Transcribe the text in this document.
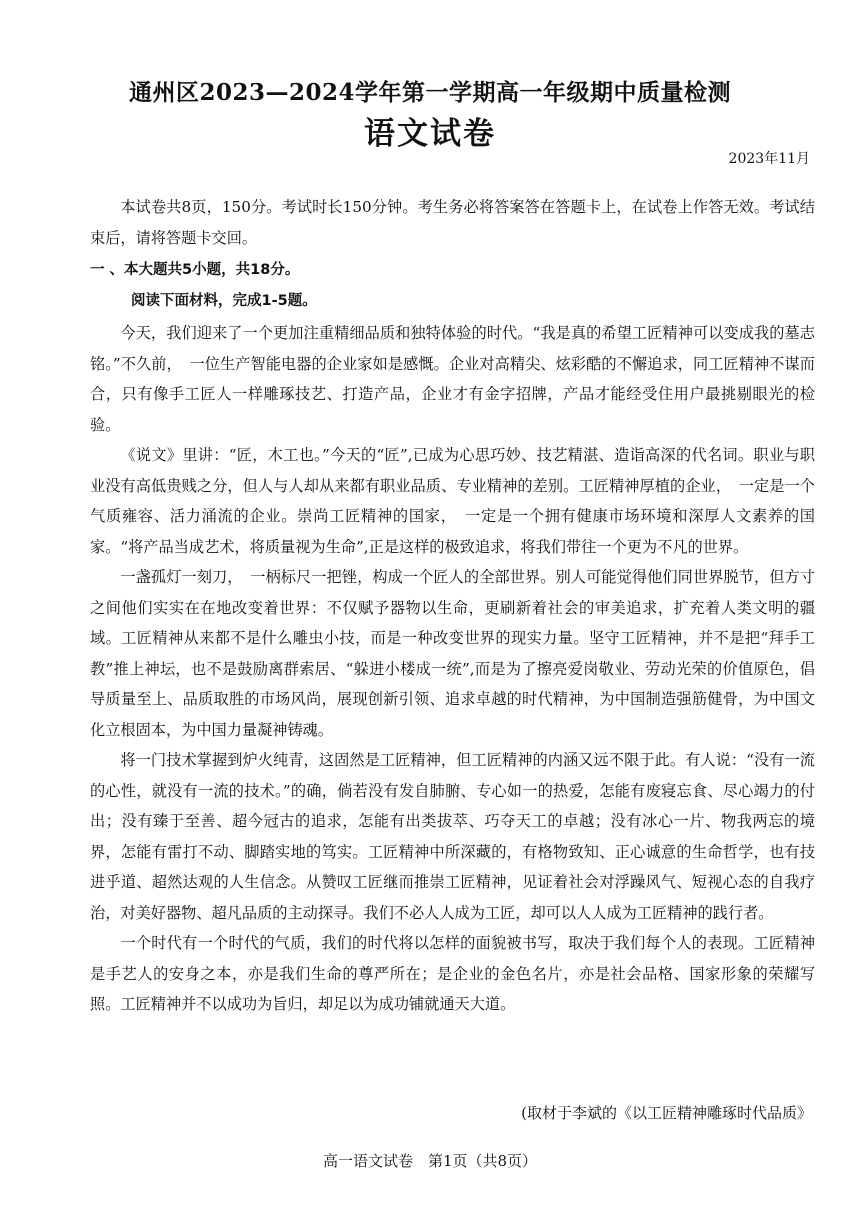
通州区2023—2024学年第一学期高一年级期中质量检测
语文试卷
2023年11月

本试卷共8页，150分。考试时长150分钟。考生务必将答案答在答题卡上，在试卷上作答无效。考试结束后，请将答题卡交回。

一 、本大题共5小题，共18分。
阅读下面材料，完成1-5题。

今天，我们迎来了一个更加注重精细品质和独特体验的时代。“我是真的希望工匠精神可以变成我的墓志铭。”不久前，　一位生产智能电器的企业家如是感慨。企业对高精尖、炫彩酷的不懈追求，同工匠精神不谋而合，只有像手工匠人一样雕琢技艺、打造产品，企业才有金字招牌，产品才能经受住用户最挑剔眼光的检验。

《说文》里讲：“匠，木工也。”今天的“匠”,已成为心思巧妙、技艺精湛、造诣高深的代名词。职业与职业没有高低贵贱之分，但人与人却从来都有职业品质、专业精神的差别。工匠精神厚植的企业，　一定是一个气质雍容、活力涌流的企业。崇尚工匠精神的国家，　一定是一个拥有健康市场环境和深厚人文素养的国家。“将产品当成艺术，将质量视为生命”,正是这样的极致追求，将我们带往一个更为不凡的世界。

一盏孤灯一刻刀，　一柄标尺一把锉，构成一个匠人的全部世界。别人可能觉得他们同世界脱节，但方寸之间他们实实在在地改变着世界：不仅赋予器物以生命，更刷新着社会的审美追求，扩充着人类文明的疆域。工匠精神从来都不是什么雕虫小技，而是一种改变世界的现实力量。坚守工匠精神，并不是把“拜手工教”推上神坛，也不是鼓励离群索居、“躲进小楼成一统”,而是为了擦亮爱岗敬业、劳动光荣的价值原色，倡导质量至上、品质取胜的市场风尚，展现创新引领、追求卓越的时代精神，为中国制造强筋健骨，为中国文化立根固本，为中国力量凝神铸魂。

将一门技术掌握到炉火纯青，这固然是工匠精神，但工匠精神的内涵又远不限于此。有人说：“没有一流的心性，就没有一流的技术。”的确，倘若没有发自肺腑、专心如一的热爱，怎能有废寝忘食、尽心竭力的付出；没有臻于至善、超今冠古的追求，怎能有出类拔萃、巧夺天工的卓越；没有冰心一片、物我两忘的境界，怎能有雷打不动、脚踏实地的笃实。工匠精神中所深藏的，有格物致知、正心诚意的生命哲学，也有技进乎道、超然达观的人生信念。从赞叹工匠继而推崇工匠精神，见证着社会对浮躁风气、短视心态的自我疗治，对美好器物、超凡品质的主动探寻。我们不必人人成为工匠，却可以人人成为工匠精神的践行者。

一个时代有一个时代的气质，我们的时代将以怎样的面貌被书写，取决于我们每个人的表现。工匠精神是手艺人的安身之本，亦是我们生命的尊严所在；是企业的金色名片，亦是社会品格、国家形象的荣耀写照。工匠精神并不以成功为旨归，却足以为成功铺就通天大道。

(取材于李斌的《以工匠精神雕琢时代品质》
高一语文试卷　第1页（共8页）
